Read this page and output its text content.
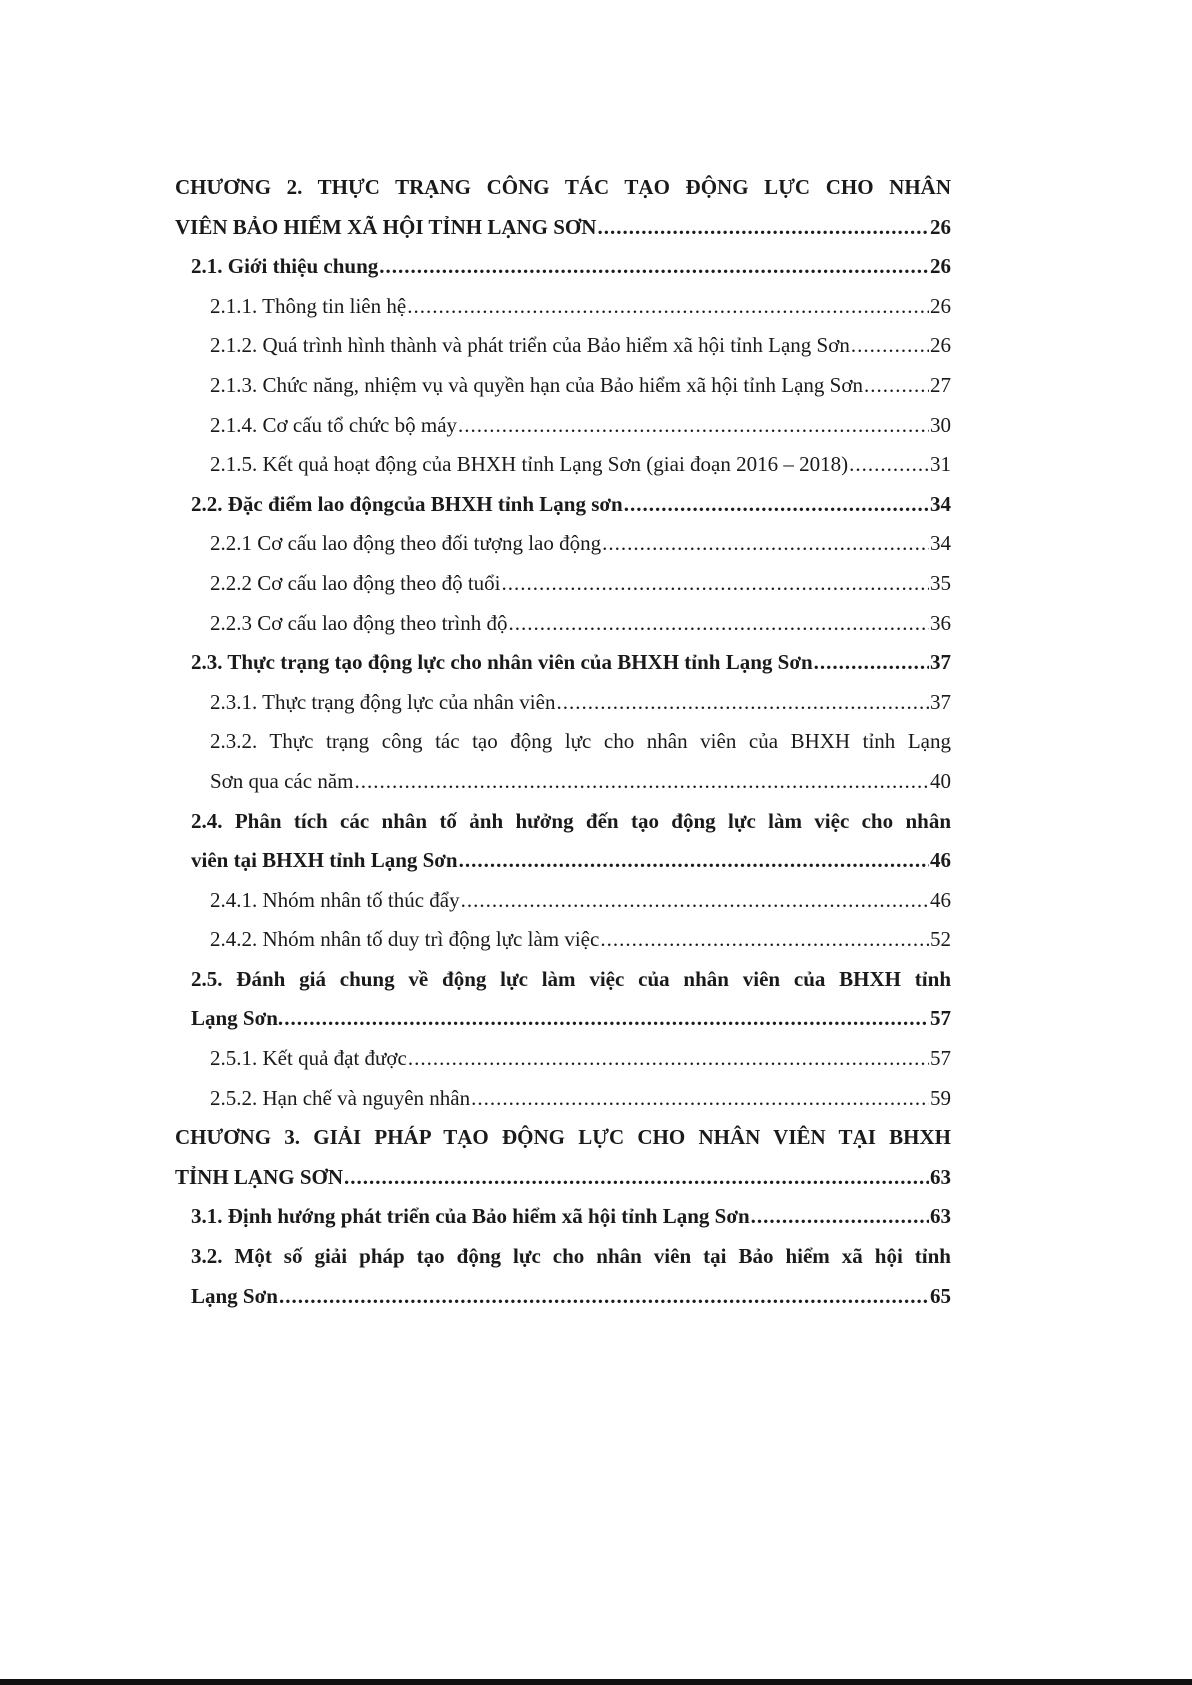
CHƯƠNG 2. THỰC TRẠNG CÔNG TÁC TẠO ĐỘNG LỰC CHO NHÂN
VIÊN BẢO HIỂM XÃ HỘI TỈNH LẠNG SƠN .....	26
2.1. Giới thiệu chung .....	26
2.1.1. Thông tin liên hệ .....	26
2.1.2. Quá trình hình thành và phát triển của Bảo hiểm xã hội tỉnh Lạng Sơn .....	26
2.1.3. Chức năng, nhiệm vụ và quyền hạn của Bảo hiểm xã hội tỉnh Lạng Sơn .....	27
2.1.4. Cơ cấu tổ chức bộ máy .....	30
2.1.5. Kết quả hoạt động của BHXH tỉnh Lạng Sơn (giai đoạn 2016 – 2018) .....	31
2.2. Đặc điểm lao độngcủa BHXH tỉnh Lạng sơn .....	34
2.2.1 Cơ cấu lao động theo đối tượng lao động .....	34
2.2.2 Cơ cấu lao động theo độ tuổi .....	35
2.2.3 Cơ cấu lao động theo trình độ .....	36
2.3. Thực trạng tạo động lực cho nhân viên của BHXH tỉnh Lạng Sơn .....	37
2.3.1. Thực trạng động lực của nhân viên .....	37
2.3.2. Thực trạng công tác tạo động lực cho nhân viên của BHXH tỉnh Lạng
Sơn qua các năm .....	40
2.4. Phân tích các nhân tố ảnh hưởng đến tạo động lực làm việc cho nhân
viên tại BHXH tỉnh Lạng Sơn .....	46
2.4.1. Nhóm nhân tố thúc đẩy .....	46
2.4.2. Nhóm nhân tố duy trì động lực làm việc .....	52
2.5. Đánh giá chung về động lực làm việc của nhân viên của BHXH tỉnh
Lạng Sơn. .....	57
2.5.1. Kết quả đạt được .....	57
2.5.2. Hạn chế và nguyên nhân .....	59
CHƯƠNG 3. GIẢI PHÁP TẠO ĐỘNG LỰC CHO NHÂN VIÊN TẠI BHXH
TỈNH LẠNG SƠN .....	63
3.1. Định hướng phát triển của Bảo hiểm xã hội tỉnh Lạng Sơn .....	63
3.2. Một số giải pháp tạo động lực cho nhân viên tại Bảo hiểm xã hội tỉnh
Lạng Sơn .....	65
